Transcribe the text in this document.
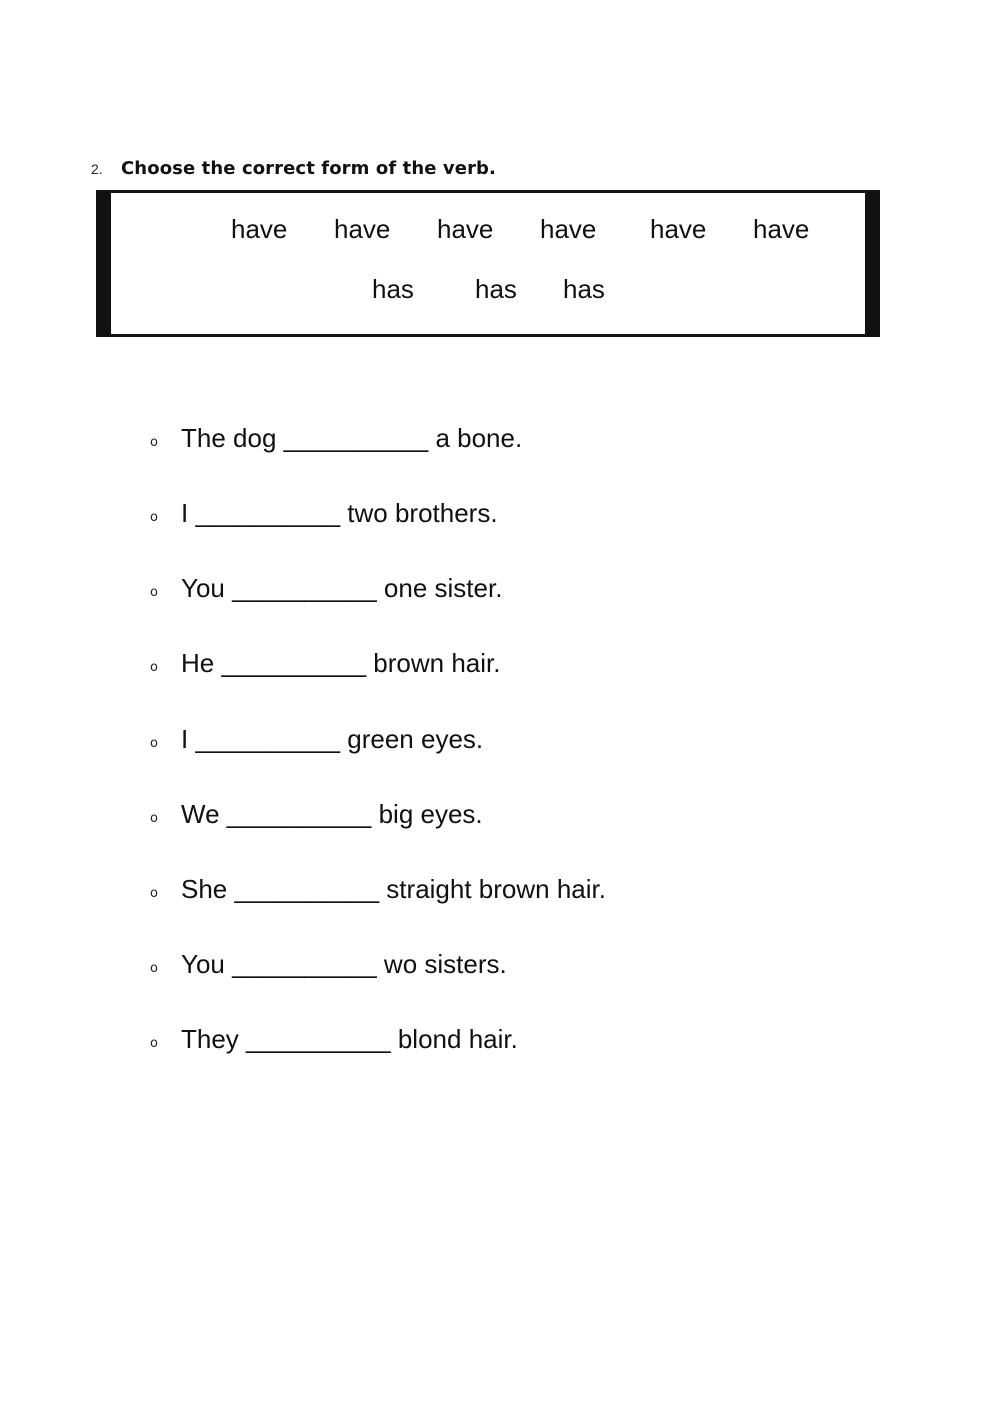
2.	Choose the correct form of the verb.
have have have have have have
has has has
o The dog __________ a bone.
o I __________ two brothers.
o You __________ one sister.
o He __________ brown hair.
o I __________ green eyes.
o We __________ big eyes.
o She __________ straight brown hair.
o You __________ wo sisters.
o They __________ blond hair.
